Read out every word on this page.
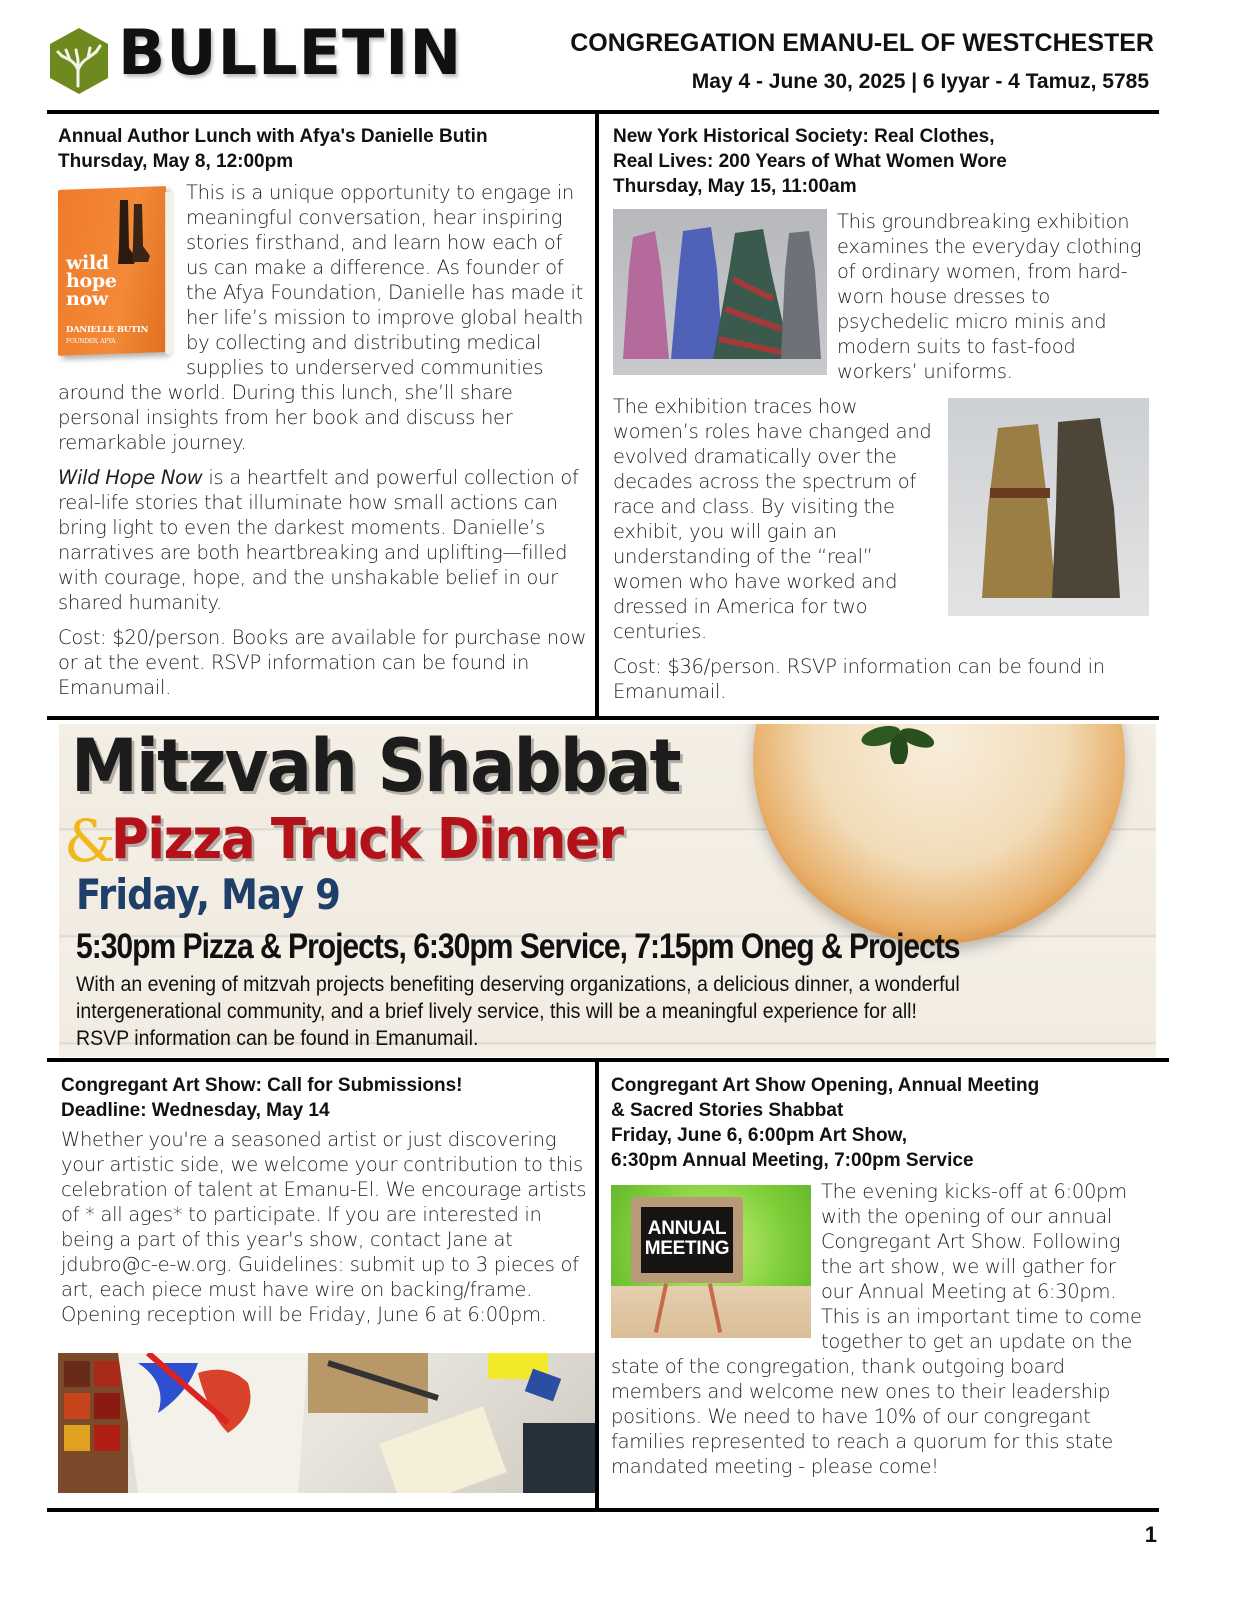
BULLETIN	CONGREGATION EMANU-EL OF WESTCHESTER
May 4 - June 30, 2025 | 6 Iyyar - 4 Tamuz, 5785
Annual Author Lunch with Afya's Danielle Butin
Thursday, May 8, 12:00pm
wild
hope
now
DANIELLE BUTIN
FOUNDER, AFYA

This is a unique opportunity to engage in meaningful conversation, hear inspiring stories firsthand, and learn how each of us can make a difference. As founder of the Afya Foundation, Danielle has made it her life’s mission to improve global health by collecting and distributing medical supplies to underserved communities around the world. During this lunch, she’ll share personal insights from her book and discuss her remarkable journey.

Wild Hope Now is a heartfelt and powerful collection of real-life stories that illuminate how small actions can bring light to even the darkest moments. Danielle’s narratives are both heartbreaking and uplifting—filled with courage, hope, and the unshakable belief in our shared humanity.

Cost: $20/person. Books are available for purchase now or at the event. RSVP information can be found in Emanumail.

New York Historical Society: Real Clothes,
Real Lives: 200 Years of What Women Wore
Thursday, May 15, 11:00am

This groundbreaking exhibition examines the everyday clothing of ordinary women, from hard-worn house dresses to psychedelic micro minis and modern suits to fast-food workers’ uniforms.

The exhibition traces how women’s roles have changed and evolved dramatically over the decades across the spectrum of race and class. By visiting the exhibit, you will gain an understanding of the “real” women who have worked and dressed in America for two centuries.

Cost: $36/person. RSVP information can be found in Emanumail.

Mitzvah Shabbat
&
Pizza Truck Dinner
Friday, May 9
5:30pm Pizza & Projects, 6:30pm Service, 7:15pm Oneg & Projects
With an evening of mitzvah projects benefiting deserving organizations, a delicious dinner, a wonderful intergenerational community, and a brief lively service, this will be a meaningful experience for all!
RSVP information can be found in Emanumail.
Congregant Art Show: Call for Submissions!
Deadline: Wednesday, May 14

Whether you're a seasoned artist or just discovering your artistic side, we welcome your contribution to this celebration of talent at Emanu-El. We encourage artists of * all ages* to participate. If you are interested in being a part of this year's show, contact Jane at jdubro@c-e-w.org. Guidelines: submit up to 3 pieces of art, each piece must have wire on backing/frame. Opening reception will be Friday, June 6 at 6:00pm.

Congregant Art Show Opening, Annual Meeting
& Sacred Stories Shabbat
Friday, June 6, 6:00pm Art Show,
6:30pm Annual Meeting, 7:00pm Service
ANNUAL
MEETING

The evening kicks-off at 6:00pm with the opening of our annual Congregant Art Show. Following the art show, we will gather for our Annual Meeting at 6:30pm. This is an important time to come together to get an update on the state of the congregation, thank outgoing board members and welcome new ones to their leadership positions. We need to have 10% of our congregant families represented to reach a quorum for this state mandated meeting - please come!

1
